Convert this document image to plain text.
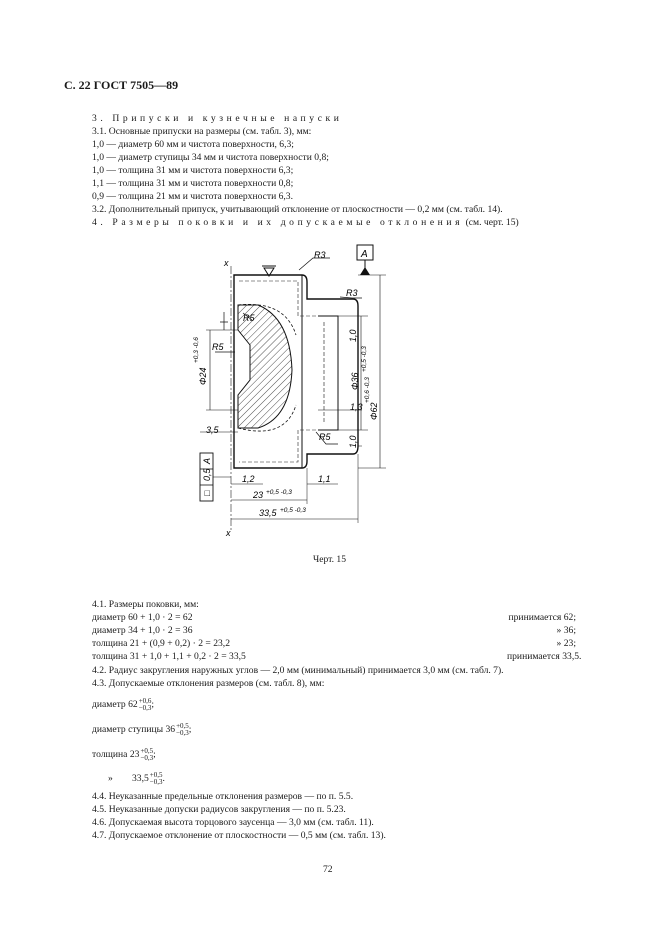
С. 22 ГОСТ 7505—89
3. Припуски и кузнечные напуски
3.1. Основные припуски на размеры (см. табл. 3), мм:
1,0 — диаметр 60 мм и чистота поверхности, 6,3;
1,0 — диаметр ступицы 34 мм и чистота поверхности 0,8;
1,0 — толщина 31 мм и чистота поверхности 6,3;
1,1 — толщина 31 мм и чистота поверхности 0,8;
0,9 — толщина 21 мм и чистота поверхности 6,3.
3.2. Дополнительный припуск, учитывающий отклонение от плоскостности — 0,2 мм (см. табл. 14).
4. Размеры поковки и их допускаемые отклонения (см. черт. 15)
R3
R3
R5
R5
R5
A
3,5
1,2	1,1
23 +0,5 -0,3
33,5 +0,5 -0,3
x
x
1,0
1,3
1,0
Φ24
+0,3 -0,6
Φ36
+0,5 -0,3
Φ62
+0,6 -0,3
□
0,5
A
Черт. 15
4.1. Размеры поковки, мм:
диаметр 60 + 1,0 · 2 = 62	принимается 62;
диаметр 34 + 1,0 · 2 = 36	» 36;
толщина 21 + (0,9 + 0,2) · 2 = 23,2	» 23;
толщина 31 + 1,0 + 1,1 + 0,2 · 2 = 33,5	принимается 33,5.
4.2. Радиус закругления наружных углов — 2,0 мм (минимальный) принимается 3,0 мм (см. табл. 7).
4.3. Допускаемые отклонения размеров (см. табл. 8), мм:
диаметр 62 +0,6
−0,3 ;
диаметр ступицы 36 +0,5
−0,3 ;
толщина 23 +0,5
−0,3 ;
» 33,5 +0,5
−0,3 .
4.4. Неуказанные предельные отклонения размеров — по п. 5.5.
4.5. Неуказанные допуски радиусов закругления — по п. 5.23.
4.6. Допускаемая высота торцового заусенца — 3,0 мм (см. табл. 11).
4.7. Допускаемое отклонение от плоскостности — 0,5 мм (см. табл. 13).
72
